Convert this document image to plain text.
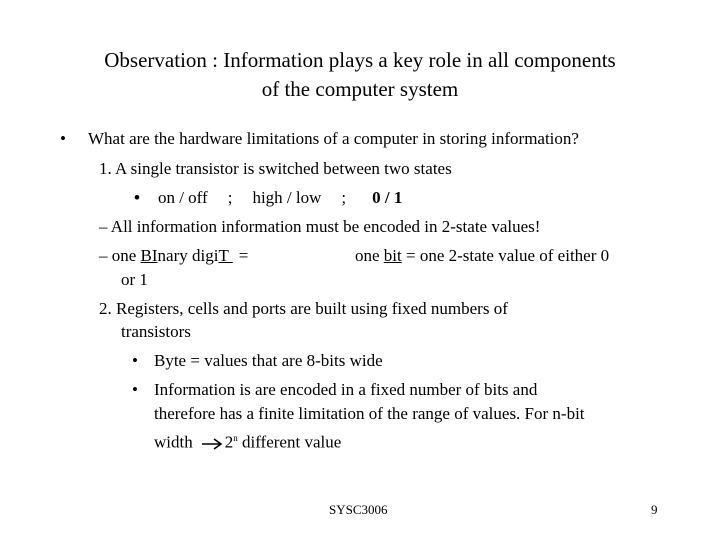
Observation : Information plays a key role in all components
of the computer system
• What are the hardware limitations of a computer in storing information?
1. A single transistor is switched between two states
• on / off ; high / low ; 0 / 1
– All information information must be encoded in 2-state values!
– one BInary digiT =	one bit = one 2-state value of either 0
or 1
2. Registers, cells and ports are built using fixed numbers of
transistors
• Byte = values that are 8-bits wide
• Information is are encoded in a fixed number of bits and
therefore has a finite limitation of the range of values. For n-bit
width 2$^n$ different value
SYSC3006	9
